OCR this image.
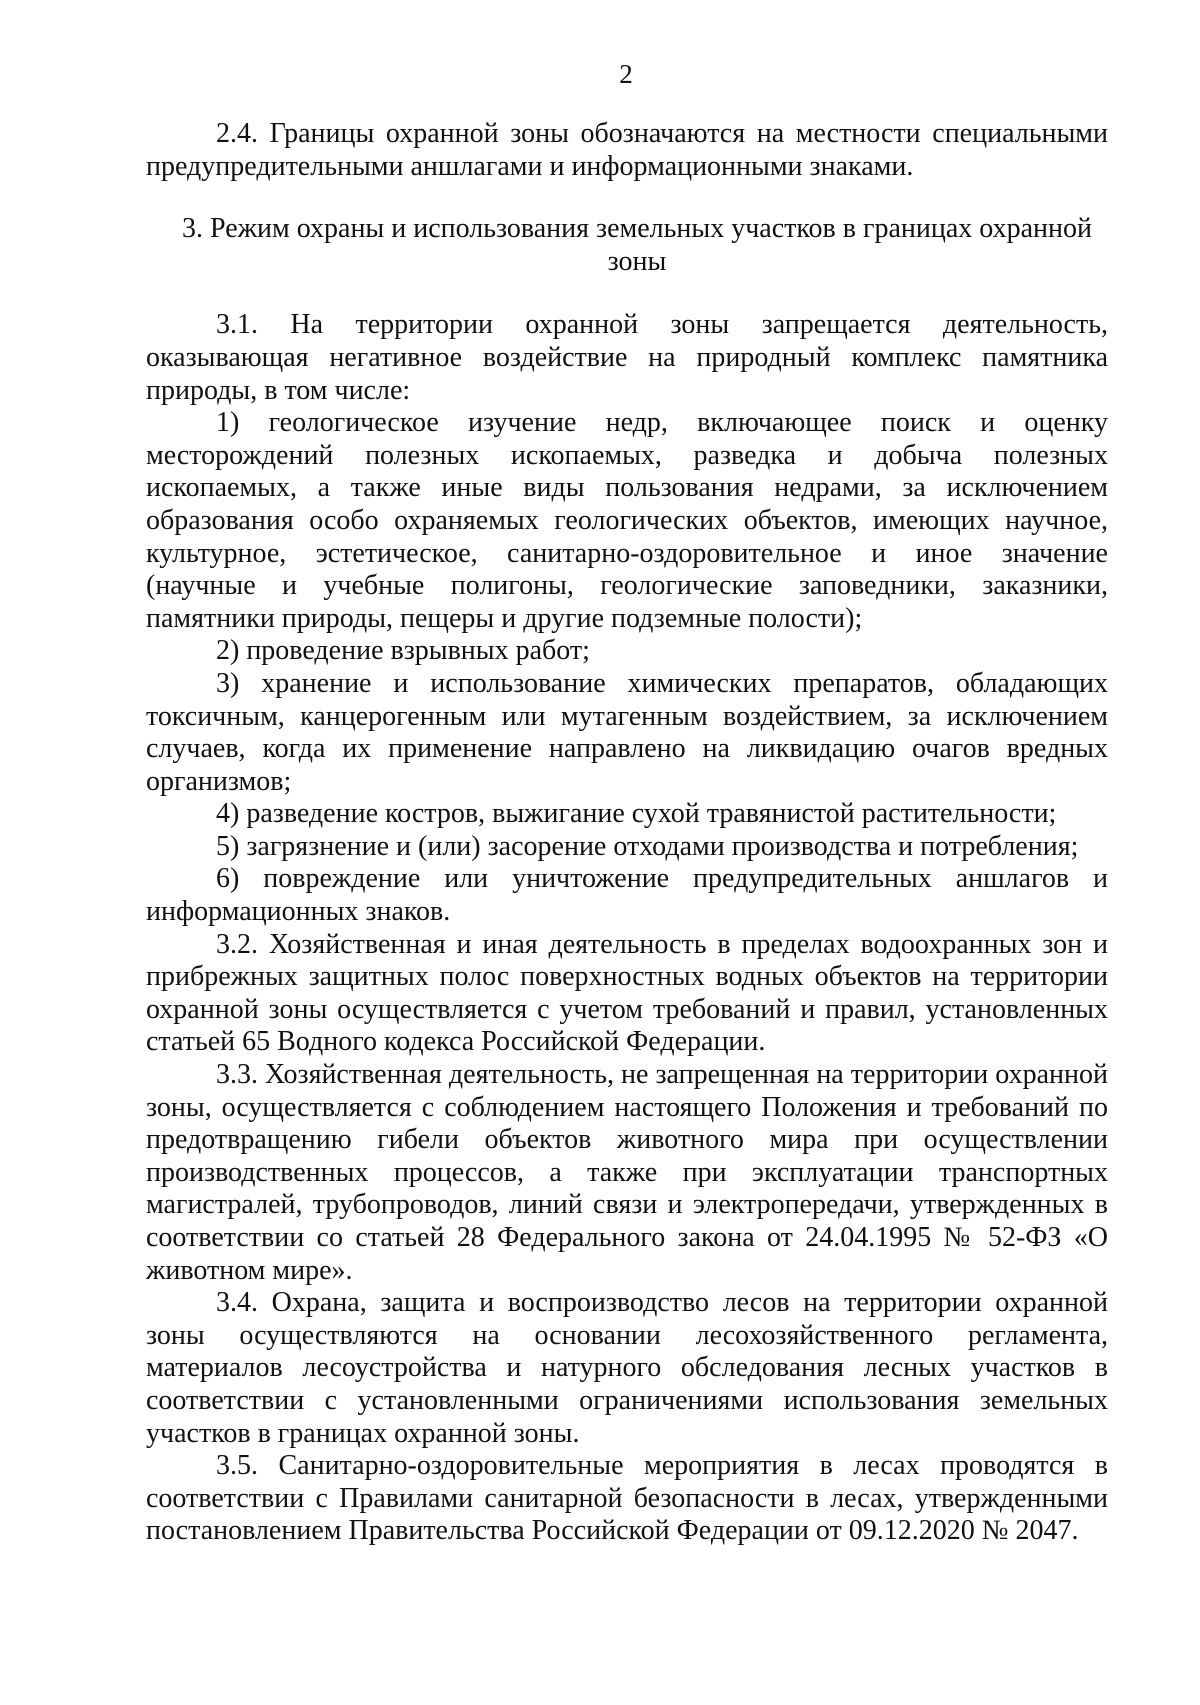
2

2.4. Границы охранной зоны обозначаются на местности специальными предупредительными аншлагами и информационными знаками.

3. Режим охраны и использования земельных участков в границах охранной зоны

3.1. На территории охранной зоны запрещается деятельность, оказывающая негативное воздействие на природный комплекс памятника природы, в том числе:

1) геологическое изучение недр, включающее поиск и оценку месторождений полезных ископаемых, разведка и добыча полезных ископаемых, а также иные виды пользования недрами, за исключением образования особо охраняемых геологических объектов, имеющих научное, культурное, эстетическое, санитарно-оздоровительное и иное значение (научные и учебные полигоны, геологические заповедники, заказники, памятники природы, пещеры и другие подземные полости);

2) проведение взрывных работ;

3) хранение и использование химических препаратов, обладающих токсичным, канцерогенным или мутагенным воздействием, за исключением случаев, когда их применение направлено на ликвидацию очагов вредных организмов;

4) разведение костров, выжигание сухой травянистой растительности;

5) загрязнение и (или) засорение отходами производства и потребления;

6) повреждение или уничтожение предупредительных аншлагов и информационных знаков.

3.2. Хозяйственная и иная деятельность в пределах водоохранных зон и прибрежных защитных полос поверхностных водных объектов на территории охранной зоны осуществляется с учетом требований и правил, установленных статьей 65 Водного кодекса Российской Федерации.

3.3. Хозяйственная деятельность, не запрещенная на территории охранной зоны, осуществляется с соблюдением настоящего Положения и требований по предотвращению гибели объектов животного мира при осуществлении производственных процессов, а также при эксплуатации транспортных магистралей, трубопроводов, линий связи и электропередачи, утвержденных в соответствии со статьей 28 Федерального закона от 24.04.1995 № 52-ФЗ «О животном мире».

3.4. Охрана, защита и воспроизводство лесов на территории охранной зоны осуществляются на основании лесохозяйственного регламента, материалов лесоустройства и натурного обследования лесных участков в соответствии с установленными ограничениями использования земельных участков в границах охранной зоны.

3.5. Санитарно-оздоровительные мероприятия в лесах проводятся в соответствии с Правилами санитарной безопасности в лесах, утвержденными постановлением Правительства Российской Федерации от 09.12.2020 № 2047.
